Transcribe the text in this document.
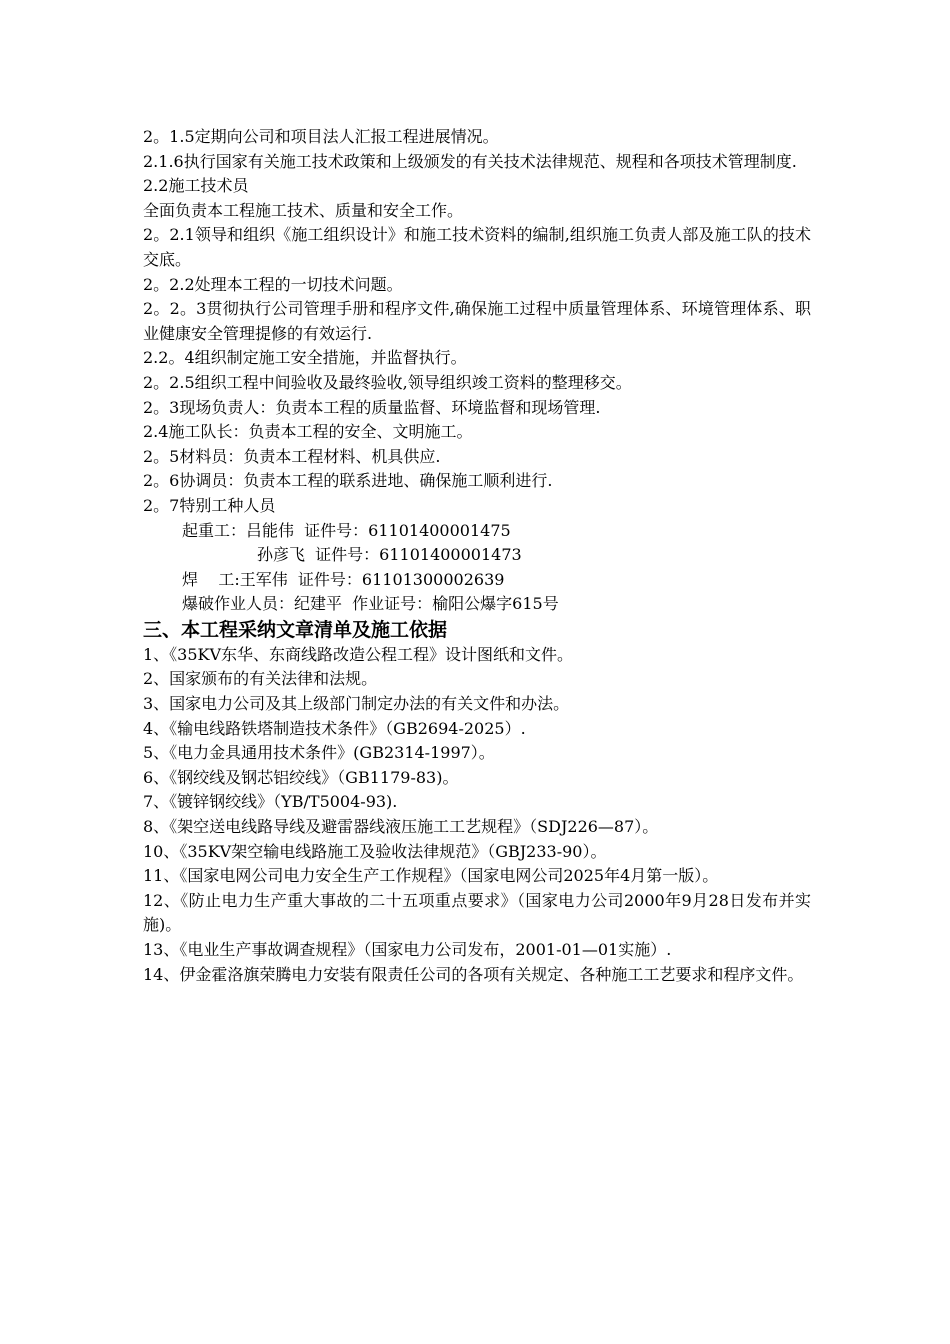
2。1.5定期向公司和项目法人汇报工程进展情况。

2.1.6执行国家有关施工技术政策和上级颁发的有关技术法律规范、规程和各项技术管理制度.

2.2施工技术员

全面负责本工程施工技术、质量和安全工作。

2。2.1领导和组织《施工组织设计》和施工技术资料的编制,组织施工负责人部及施工队的技术交底。

2。2.2处理本工程的一切技术问题。

2。2。3贯彻执行公司管理手册和程序文件,确保施工过程中质量管理体系、环境管理体系、职业健康安全管理提修的有效运行.

2.2。4组织制定施工安全措施，并监督执行。

2。2.5组织工程中间验收及最终验收,领导组织竣工资料的整理移交。

2。3现场负责人：负责本工程的质量监督、环境监督和现场管理.

2.4施工队长：负责本工程的安全、文明施工。

2。5材料员：负责本工程材料、机具供应.

2。6协调员：负责本工程的联系进地、确保施工顺利进行.

2。7特别工种人员

起重工：吕能伟  证件号：61101400001475

孙彦飞  证件号：61101400001473

焊    工:王军伟  证件号：61101300002639

爆破作业人员：纪建平  作业证号：榆阳公爆字615号

三、本工程采纳文章清单及施工依据

1、《35KV东华、东商线路改造公程工程》设计图纸和文件。

2、国家颁布的有关法律和法规。

3、国家电力公司及其上级部门制定办法的有关文件和办法。

4、《输电线路铁塔制造技术条件》（GB2694-2025）.

5、《电力金具通用技术条件》(GB2314-1997）。

6、《钢绞线及钢芯铝绞线》（GB1179-83)。

7、《镀锌钢绞线》（YB/T5004-93).

8、《架空送电线路导线及避雷器线液压施工工艺规程》（SDJ226—87）。

10、《35KV架空输电线路施工及验收法律规范》（GBJ233-90）。

11、《国家电网公司电力安全生产工作规程》（国家电网公司2025年4月第一版）。

12、《防止电力生产重大事故的二十五项重点要求》（国家电力公司2000年9月28日发布并实施)。

13、《电业生产事故调查规程》（国家电力公司发布，2001-01—01实施）.

14、伊金霍洛旗荣腾电力安装有限责任公司的各项有关规定、各种施工工艺要求和程序文件。
